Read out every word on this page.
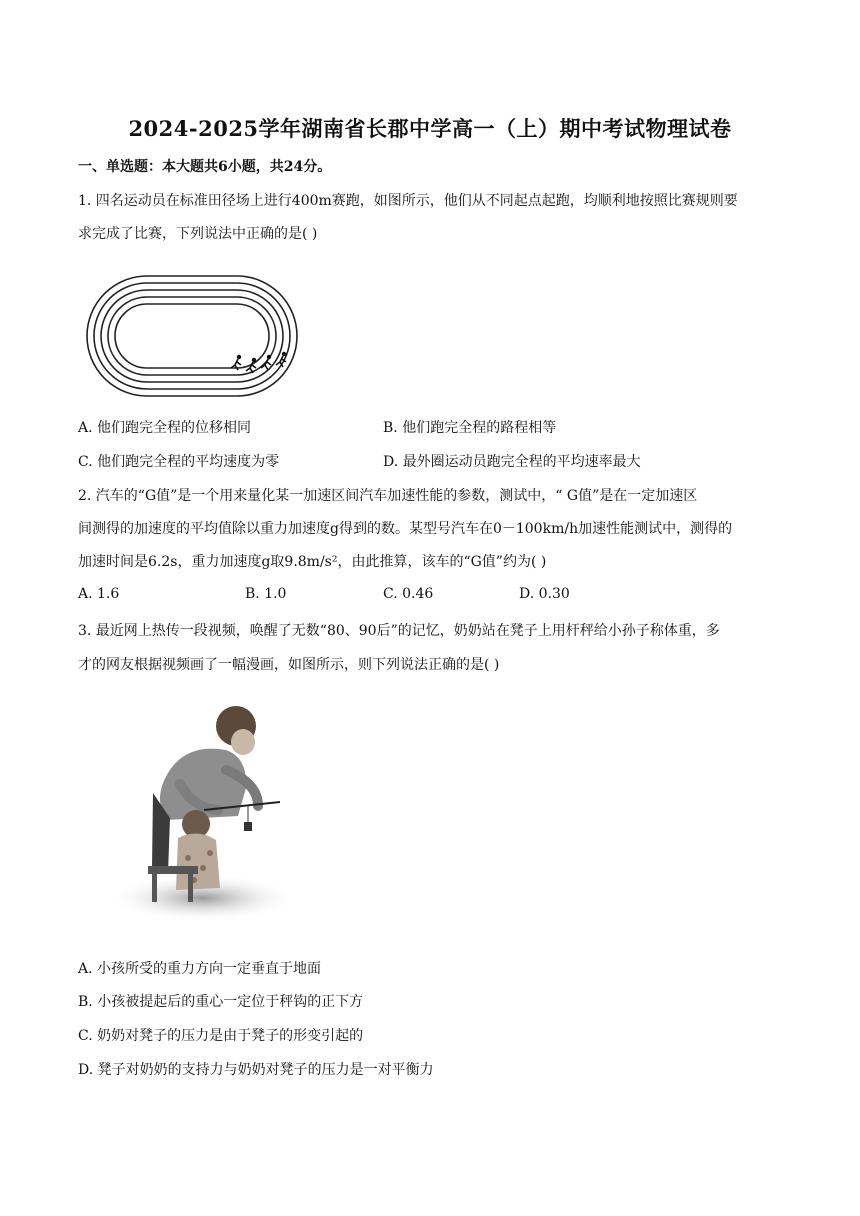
2024-2025学年湖南省长郡中学高一（上）期中考试物理试卷
一、单选题：本大题共6小题，共24分。
1. 四名运动员在标准田径场上进行400m赛跑，如图所示，他们从不同起点起跑，均顺利地按照比赛规则要
求完成了比赛，下列说法中正确的是( )
A. 他们跑完全程的位移相同	B. 他们跑完全程的路程相等
C. 他们跑完全程的平均速度为零	D. 最外圈运动员跑完全程的平均速率最大
2. 汽车的“G值”是一个用来量化某一加速区间汽车加速性能的参数，测试中，“ G值”是在一定加速区
间测得的加速度的平均值除以重力加速度g得到的数。某型号汽车在0－100km/h加速性能测试中，测得的
加速时间是6.2s，重力加速度g取9.8m/s²，由此推算，该车的“G值”约为( )
A. 1.6	B. 1.0	C. 0.46	D. 0.30
3. 最近网上热传一段视频，唤醒了无数“80、90后”的记忆，奶奶站在凳子上用杆秤给小孙子称体重，多
才的网友根据视频画了一幅漫画，如图所示，则下列说法正确的是( )
A. 小孩所受的重力方向一定垂直于地面
B. 小孩被提起后的重心一定位于秤钩的正下方
C. 奶奶对凳子的压力是由于凳子的形变引起的
D. 凳子对奶奶的支持力与奶奶对凳子的压力是一对平衡力
